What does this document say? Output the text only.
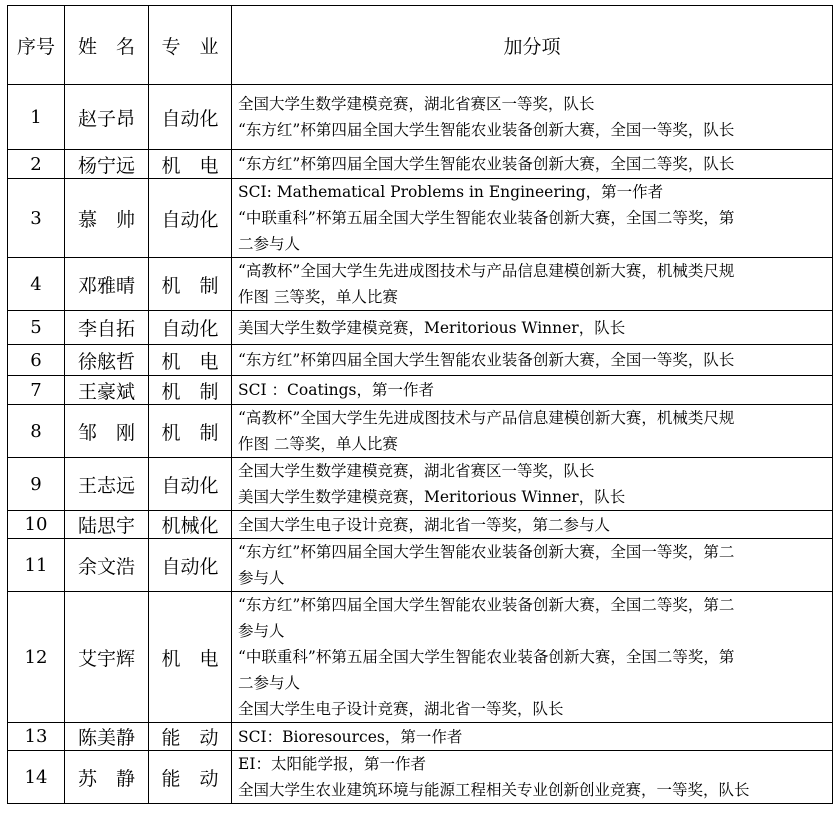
序号	姓　名	专　业	加分项
1	赵子昂	自动化	全国大学生数学建模竞赛，湖北省赛区一等奖，队长
“东方红”杯第四届全国大学生智能农业装备创新大赛，全国一等奖，队长

2	杨宁远	机　电	“东方红”杯第四届全国大学生智能农业装备创新大赛，全国二等奖，队长

3	慕　帅	自动化	SCI: Mathematical Problems in Engineering，第一作者
“中联重科”杯第五届全国大学生智能农业装备创新大赛，全国二等奖，第
二参与人

4	邓雅晴	机　制	“高教杯”全国大学生先进成图技术与产品信息建模创新大赛，机械类尺规
作图 三等奖，单人比赛

5	李自拓	自动化	美国大学生数学建模竞赛，Meritorious Winner，队长

6	徐舷哲	机　电	“东方红”杯第四届全国大学生智能农业装备创新大赛，全国一等奖，队长

7	王豪斌	机　制	SCI ：Coatings，第一作者

8	邹　刚	机　制	“高教杯”全国大学生先进成图技术与产品信息建模创新大赛，机械类尺规
作图 二等奖，单人比赛

9	王志远	自动化	全国大学生数学建模竞赛，湖北省赛区一等奖，队长
美国大学生数学建模竞赛，Meritorious Winner，队长

10	陆思宇	机械化	全国大学生电子设计竞赛，湖北省一等奖，第二参与人

11	余文浩	自动化	“东方红”杯第四届全国大学生智能农业装备创新大赛，全国一等奖，第二
参与人

12	艾宇辉	机　电	“东方红”杯第四届全国大学生智能农业装备创新大赛，全国二等奖，第二
参与人
“中联重科”杯第五届全国大学生智能农业装备创新大赛，全国二等奖，第
二参与人
全国大学生电子设计竞赛，湖北省一等奖，队长

13	陈美静	能　动	SCI：Bioresources，第一作者

14	苏　静	能　动	EI：太阳能学报，第一作者
全国大学生农业建筑环境与能源工程相关专业创新创业竞赛，一等奖，队长
